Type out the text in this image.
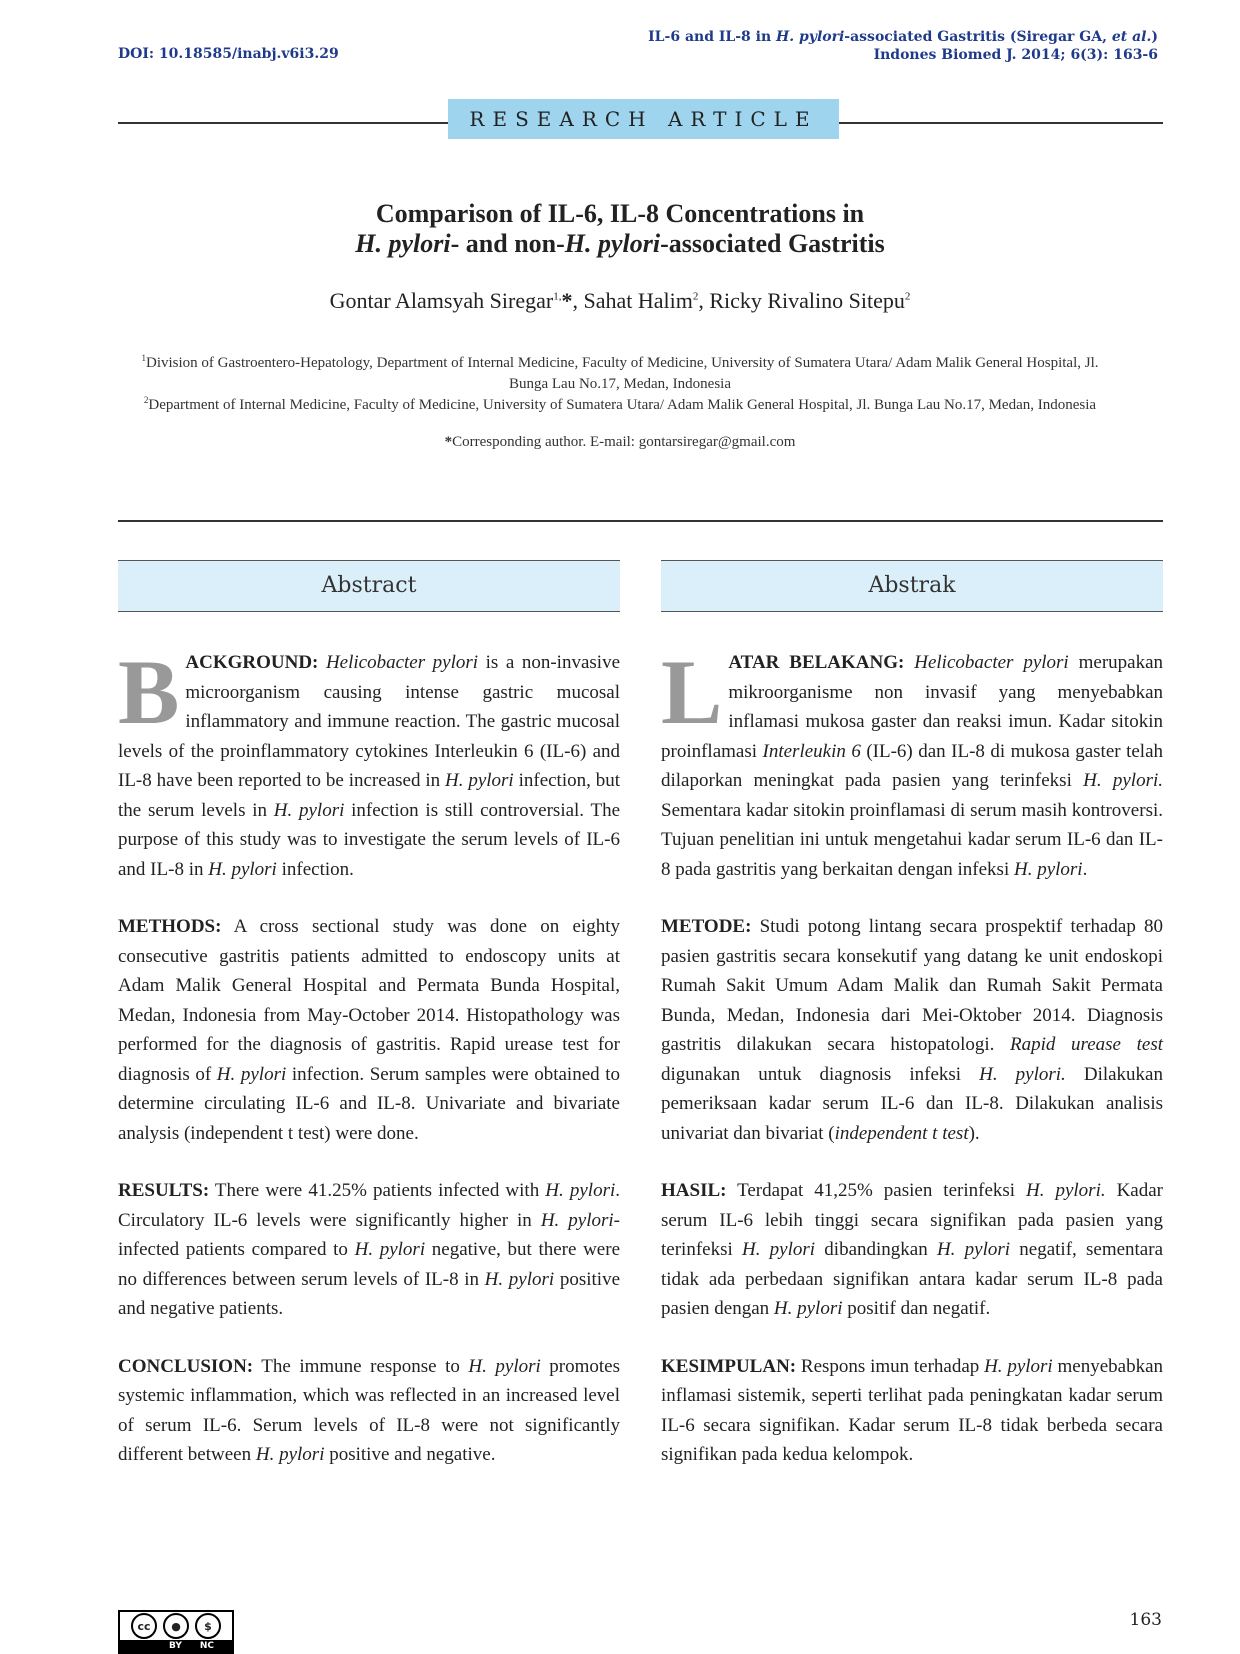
DOI: 10.18585/inabj.v6i3.29
IL-6 and IL-8 in H. pylori-associated Gastritis (Siregar GA, et al.)
Indones Biomed J. 2014; 6(3): 163-6
RESEARCH ARTICLE
Comparison of IL-6, IL-8 Concentrations in
H. pylori- and non-H. pylori-associated Gastritis
Gontar Alamsyah Siregar$^{1,}$*, Sahat Halim$^2$, Ricky Rivalino Sitepu$^2$
$^1$Division of Gastroentero-Hepatology, Department of Internal Medicine, Faculty of Medicine, University of Sumatera Utara/ Adam Malik General Hospital, Jl. Bunga Lau No.17, Medan, Indonesia
$^2$Department of Internal Medicine, Faculty of Medicine, University of Sumatera Utara/ Adam Malik General Hospital, Jl. Bunga Lau No.17, Medan, Indonesia
*Corresponding author. E-mail: gontarsiregar@gmail.com
Abstract	Abstrak

BACKGROUND: Helicobacter pylori is a non-invasive microorganism causing intense gastric mucosal inflammatory and immune reaction. The gastric mucosal levels of the proinflammatory cytokines Interleukin 6 (IL-6) and IL-8 have been reported to be increased in H. pylori infection, but the serum levels in H. pylori infection is still controversial. The purpose of this study was to investigate the serum levels of IL-6 and IL-8 in H. pylori infection.

METHODS: A cross sectional study was done on eighty consecutive gastritis patients admitted to endoscopy units at Adam Malik General Hospital and Permata Bunda Hospital, Medan, Indonesia from May-October 2014. Histopathology was performed for the diagnosis of gastritis. Rapid urease test for diagnosis of H. pylori infection. Serum samples were obtained to determine circulating IL-6 and IL-8. Univariate and bivariate analysis (independent t test) were done.

RESULTS: There were 41.25% patients infected with H. pylori. Circulatory IL-6 levels were significantly higher in H. pylori-infected patients compared to H. pylori negative, but there were no differences between serum levels of IL-8 in H. pylori positive and negative patients.

CONCLUSION: The immune response to H. pylori promotes systemic inflammation, which was reflected in an increased level of serum IL-6. Serum levels of IL-8 were not significantly different between H. pylori positive and negative.

LATAR BELAKANG: Helicobacter pylori merupakan mikroorganisme non invasif yang menyebabkan inflamasi mukosa gaster dan reaksi imun. Kadar sitokin proinflamasi Interleukin 6 (IL-6) dan IL-8 di mukosa gaster telah dilaporkan meningkat pada pasien yang terinfeksi H. pylori. Sementara kadar sitokin proinflamasi di serum masih kontroversi. Tujuan penelitian ini untuk mengetahui kadar serum IL-6 dan IL-8 pada gastritis yang berkaitan dengan infeksi H. pylori.

METODE: Studi potong lintang secara prospektif terhadap 80 pasien gastritis secara konsekutif yang datang ke unit endoskopi Rumah Sakit Umum Adam Malik dan Rumah Sakit Permata Bunda, Medan, Indonesia dari Mei-Oktober 2014. Diagnosis gastritis dilakukan secara histopatologi. Rapid urease test digunakan untuk diagnosis infeksi H. pylori. Dilakukan pemeriksaan kadar serum IL-6 dan IL-8. Dilakukan analisis univariat dan bivariat (independent t test).

HASIL: Terdapat 41,25% pasien terinfeksi H. pylori. Kadar serum IL-6 lebih tinggi secara signifikan pada pasien yang terinfeksi H. pylori dibandingkan H. pylori negatif, sementara tidak ada perbedaan signifikan antara kadar serum IL-8 pada pasien dengan H. pylori positif dan negatif.

KESIMPULAN: Respons imun terhadap H. pylori menyebabkan inflamasi sistemik, seperti terlihat pada peningkatan kadar serum IL-6 secara signifikan. Kadar serum IL-8 tidak berbeda secara signifikan pada kedua kelompok.

cc	●	$
BY NC
163
